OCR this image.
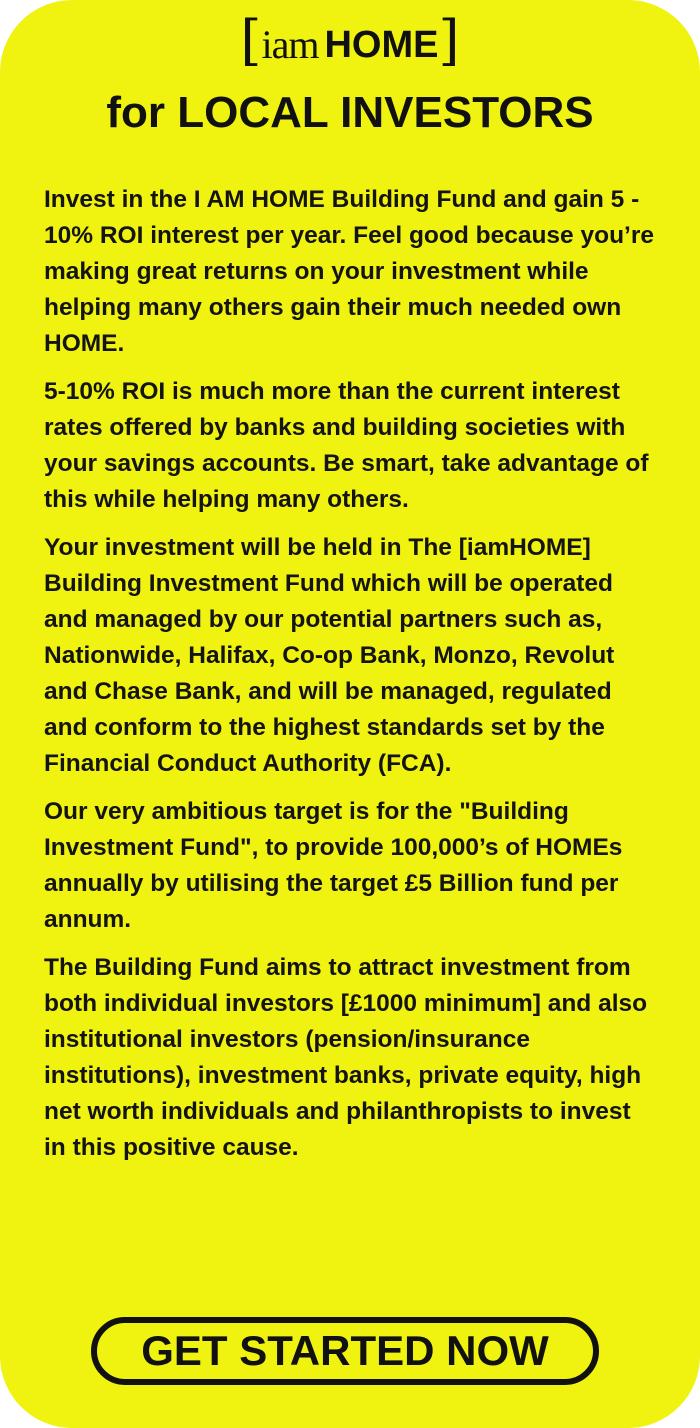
[iam HOME]
for LOCAL INVESTORS

Invest in the I AM HOME Building Fund and gain 5 - 10% ROI interest per year. Feel good because you’re making great returns on your investment while helping many others gain their much needed own HOME.

5-10% ROI is much more than the current interest rates offered by banks and building societies with your savings accounts. Be smart, take advantage of this while helping many others.

Your investment will be held in The [iamHOME] Building Investment Fund which will be operated and managed by our potential partners such as, Nationwide, Halifax, Co-op Bank, Monzo, Revolut and Chase Bank, and will be managed, regulated and conform to the highest standards set by the Financial Conduct Authority (FCA).

Our very ambitious target is for the "Building Investment Fund", to provide 100,000’s of HOMEs annually by utilising the target £5 Billion fund per annum.

The Building Fund aims to attract investment from both individual investors [£1000 minimum] and also institutional investors (pension/insurance institutions), investment banks, private equity, high net worth individuals and philanthropists to invest in this positive cause.

GET STARTED NOW
